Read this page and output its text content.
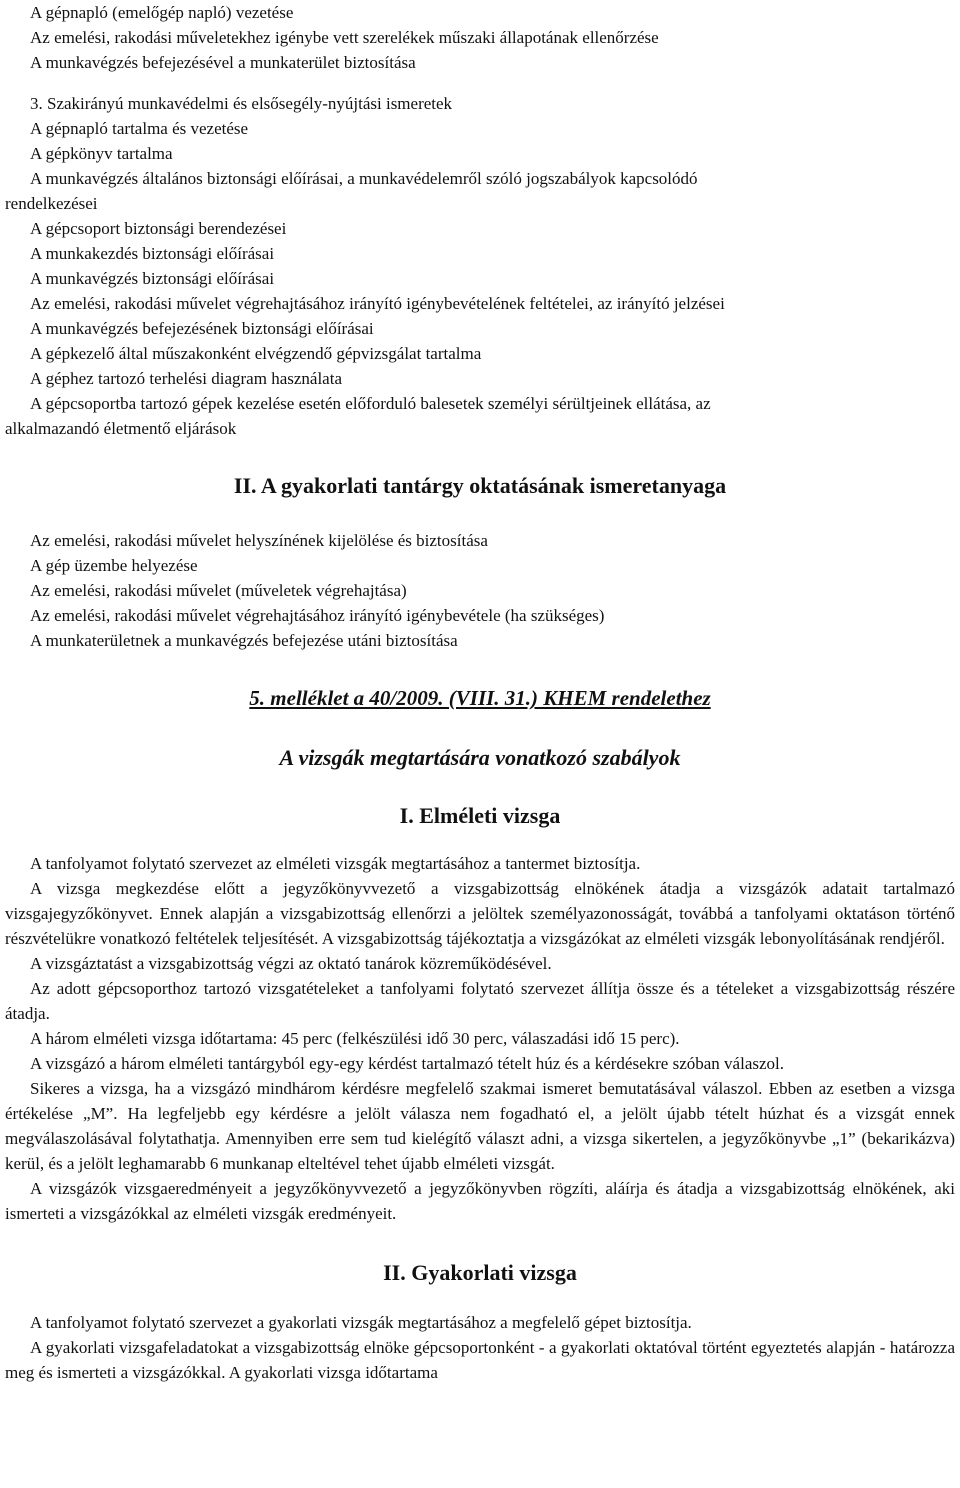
A gépnapló (emelőgép napló) vezetése
Az emelési, rakodási műveletekhez igénybe vett szerelékek műszaki állapotának ellenőrzése
A munkavégzés befejezésével a munkaterület biztosítása
3. Szakirányú munkavédelmi és elsősegély-nyújtási ismeretek
A gépnapló tartalma és vezetése
A gépkönyv tartalma
A munkavégzés általános biztonsági előírásai, a munkavédelemről szóló jogszabályok kapcsolódó
rendelkezései
A gépcsoport biztonsági berendezései
A munkakezdés biztonsági előírásai
A munkavégzés biztonsági előírásai
Az emelési, rakodási művelet végrehajtásához irányító igénybevételének feltételei, az irányító jelzései
A munkavégzés befejezésének biztonsági előírásai
A gépkezelő által műszakonként elvégzendő gépvizsgálat tartalma
A géphez tartozó terhelési diagram használata
A gépcsoportba tartozó gépek kezelése esetén előforduló balesetek személyi sérültjeinek ellátása, az
alkalmazandó életmentő eljárások
II. A gyakorlati tantárgy oktatásának ismeretanyaga
Az emelési, rakodási művelet helyszínének kijelölése és biztosítása
A gép üzembe helyezése
Az emelési, rakodási művelet (műveletek végrehajtása)
Az emelési, rakodási művelet végrehajtásához irányító igénybevétele (ha szükséges)
A munkaterületnek a munkavégzés befejezése utáni biztosítása
5. melléklet a 40/2009. (VIII. 31.) KHEM rendelethez
A vizsgák megtartására vonatkozó szabályok
I. Elméleti vizsga

A tanfolyamot folytató szervezet az elméleti vizsgák megtartásához a tantermet biztosítja.

A vizsga megkezdése előtt a jegyzőkönyvvezető a vizsgabizottság elnökének átadja a vizsgázók adatait tartalmazó vizsgajegyzőkönyvet. Ennek alapján a vizsgabizottság ellenőrzi a jelöltek személyazonosságát, továbbá a tanfolyami oktatáson történő részvételükre vonatkozó feltételek teljesítését. A vizsgabizottság tájékoztatja a vizsgázókat az elméleti vizsgák lebonyolításának rendjéről.

A vizsgáztatást a vizsgabizottság végzi az oktató tanárok közreműködésével.

Az adott gépcsoporthoz tartozó vizsgatételeket a tanfolyami folytató szervezet állítja össze és a tételeket a vizsgabizottság részére átadja.

A három elméleti vizsga időtartama: 45 perc (felkészülési idő 30 perc, válaszadási idő 15 perc).

A vizsgázó a három elméleti tantárgyból egy-egy kérdést tartalmazó tételt húz és a kérdésekre szóban válaszol.

Sikeres a vizsga, ha a vizsgázó mindhárom kérdésre megfelelő szakmai ismeret bemutatásával válaszol. Ebben az esetben a vizsga értékelése „M”. Ha legfeljebb egy kérdésre a jelölt válasza nem fogadható el, a jelölt újabb tételt húzhat és a vizsgát ennek megválaszolásával folytathatja. Amennyiben erre sem tud kielégítő választ adni, a vizsga sikertelen, a jegyzőkönyvbe „1” (bekarikázva) kerül, és a jelölt leghamarabb 6 munkanap elteltével tehet újabb elméleti vizsgát.

A vizsgázók vizsgaeredményeit a jegyzőkönyvvezető a jegyzőkönyvben rögzíti, aláírja és átadja a vizsgabizottság elnökének, aki ismerteti a vizsgázókkal az elméleti vizsgák eredményeit.

II. Gyakorlati vizsga

A tanfolyamot folytató szervezet a gyakorlati vizsgák megtartásához a megfelelő gépet biztosítja.

A gyakorlati vizsgafeladatokat a vizsgabizottság elnöke gépcsoportonként - a gyakorlati oktatóval történt egyeztetés alapján - határozza meg és ismerteti a vizsgázókkal. A gyakorlati vizsga időtartama
